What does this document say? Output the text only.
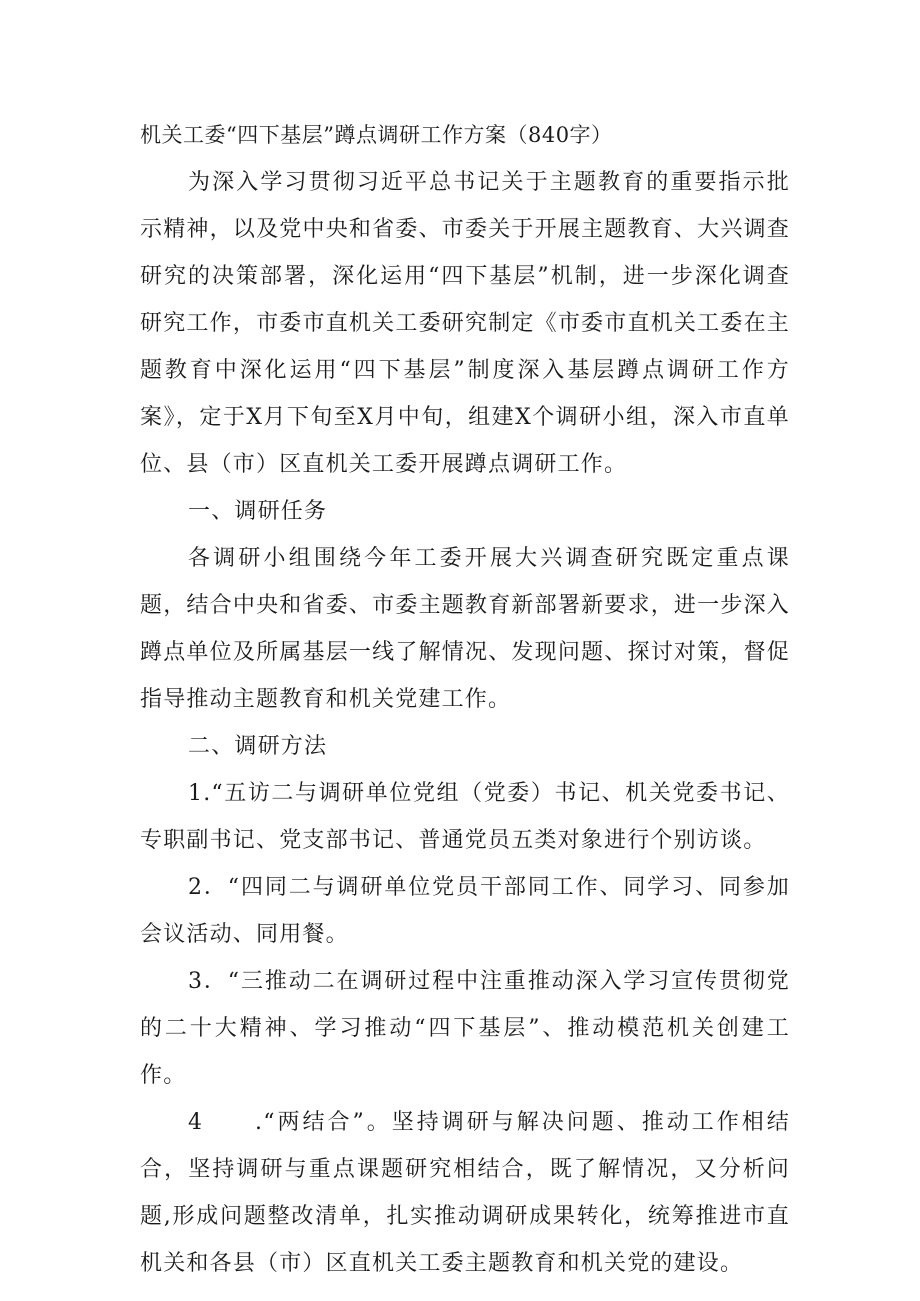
机关工委“四下基层”蹲点调研工作方案（840字）

为深入学习贯彻习近平总书记关于主题教育的重要指示批示精神，以及党中央和省委、市委关于开展主题教育、大兴调查研究的决策部署，深化运用“四下基层”机制，进一步深化调查研究工作，市委市直机关工委研究制定《市委市直机关工委在主题教育中深化运用“四下基层”制度深入基层蹲点调研工作方案》，定于X月下旬至X月中旬，组建X个调研小组，深入市直单位、县（市）区直机关工委开展蹲点调研工作。

一、调研任务

各调研小组围绕今年工委开展大兴调查研究既定重点课题，结合中央和省委、市委主题教育新部署新要求，进一步深入蹲点单位及所属基层一线了解情况、发现问题、探讨对策，督促指导推动主题教育和机关党建工作。

二、调研方法

1.“五访二与调研单位党组（党委）书记、机关党委书记、专职副书记、党支部书记、普通党员五类对象进行个别访谈。

2．“四同二与调研单位党员干部同工作、同学习、同参加会议活动、同用餐。

3．“三推动二在调研过程中注重推动深入学习宣传贯彻党的二十大精神、学习推动“四下基层”、推动模范机关创建工作。

4　　.“两结合”。坚持调研与解决问题、推动工作相结合，坚持调研与重点课题研究相结合，既了解情况，又分析问题,形成问题整改清单，扎实推动调研成果转化，统筹推进市直机关和各县（市）区直机关工委主题教育和机关党的建设。
